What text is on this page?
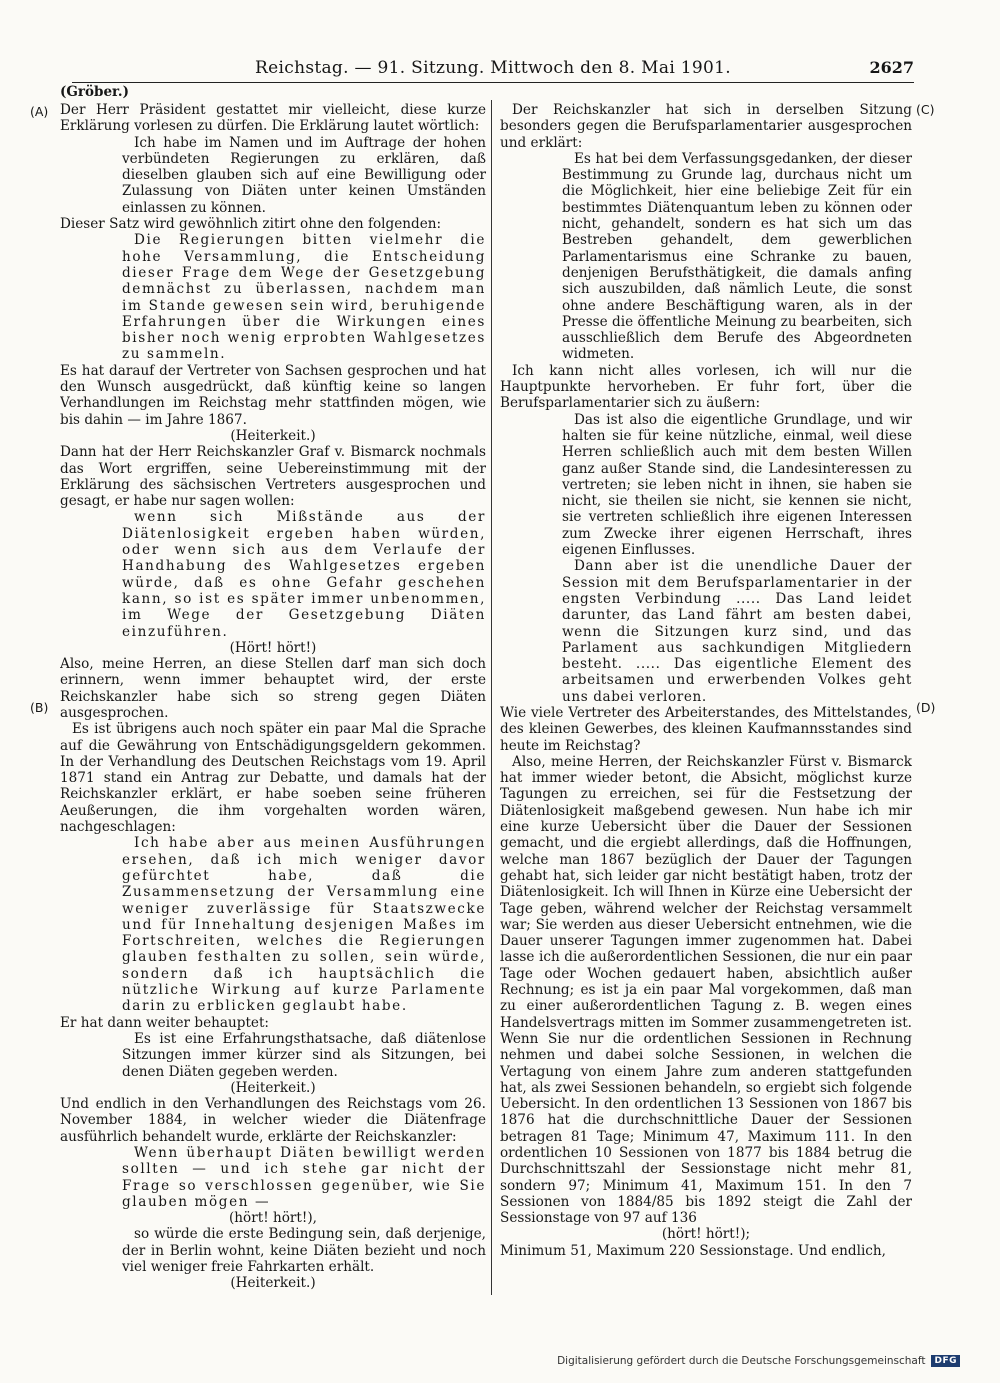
Reichstag. — 91. Sitzung. Mittwoch den 8. Mai 1901.	2627
(Gröber.)
(A)
(B)
(C)
(D)

Der Herr Präsident gestattet mir vielleicht, diese kurze Erklärung vorlesen zu dürfen. Die Erklärung lautet wörtlich:

Ich habe im Namen und im Auftrage der hohen verbündeten Regierungen zu erklären, daß dieselben glauben sich auf eine Bewilligung oder Zulassung von Diäten unter keinen Umständen einlassen zu können.

Dieser Satz wird gewöhnlich zitirt ohne den folgenden:

Die Regierungen bitten vielmehr die hohe Versammlung, die Entscheidung dieser Frage dem Wege der Gesetzgebung demnächst zu überlassen, nachdem man im Stande gewesen sein wird, beruhigende Erfahrungen über die Wirkungen eines bisher noch wenig erprobten Wahlgesetzes zu sammeln.

Es hat darauf der Vertreter von Sachsen gesprochen und hat den Wunsch ausgedrückt, daß künftig keine so langen Verhandlungen im Reichstag mehr stattfinden mögen, wie bis dahin — im Jahre 1867.

(Heiterkeit.)

Dann hat der Herr Reichskanzler Graf v. Bismarck nochmals das Wort ergriffen, seine Uebereinstimmung mit der Erklärung des sächsischen Vertreters ausgesprochen und gesagt, er habe nur sagen wollen:

wenn sich Mißstände aus der Diätenlosigkeit ergeben haben würden, oder wenn sich aus dem Verlaufe der Handhabung des Wahlgesetzes ergeben würde, daß es ohne Gefahr geschehen kann, so ist es später immer unbenommen, im Wege der Gesetzgebung Diäten einzuführen.

(Hört! hört!)

Also, meine Herren, an diese Stellen darf man sich doch erinnern, wenn immer behauptet wird, der erste Reichskanzler habe sich so streng gegen Diäten ausgesprochen.

Es ist übrigens auch noch später ein paar Mal die Sprache auf die Gewährung von Entschädigungsgeldern gekommen. In der Verhandlung des Deutschen Reichstags vom 19. April 1871 stand ein Antrag zur Debatte, und damals hat der Reichskanzler erklärt, er habe soeben seine früheren Aeußerungen, die ihm vorgehalten worden wären, nachgeschlagen:

Ich habe aber aus meinen Ausführungen ersehen, daß ich mich weniger davor gefürchtet habe, daß die Zusammensetzung der Versammlung eine weniger zuverlässige für Staatszwecke und für Innehaltung desjenigen Maßes im Fortschreiten, welches die Regierungen glauben festhalten zu sollen, sein würde, sondern daß ich hauptsächlich die nützliche Wirkung auf kurze Parlamente darin zu erblicken geglaubt habe.

Er hat dann weiter behauptet:

Es ist eine Erfahrungsthatsache, daß diätenlose Sitzungen immer kürzer sind als Sitzungen, bei denen Diäten gegeben werden.

(Heiterkeit.)

Und endlich in den Verhandlungen des Reichstags vom 26. November 1884, in welcher wieder die Diätenfrage ausführlich behandelt wurde, erklärte der Reichskanzler:

Wenn überhaupt Diäten bewilligt werden sollten — und ich stehe gar nicht der Frage so verschlossen gegenüber, wie Sie glauben mögen —

(hört! hört!),

so würde die erste Bedingung sein, daß derjenige, der in Berlin wohnt, keine Diäten bezieht und noch viel weniger freie Fahrkarten erhält.

(Heiterkeit.)

Der Reichskanzler hat sich in derselben Sitzung besonders gegen die Berufsparlamentarier ausgesprochen und erklärt:

Es hat bei dem Verfassungsgedanken, der dieser Bestimmung zu Grunde lag, durchaus nicht um die Möglichkeit, hier eine beliebige Zeit für ein bestimmtes Diätenquantum leben zu können oder nicht, gehandelt, sondern es hat sich um das Bestreben gehandelt, dem gewerblichen Parlamentarismus eine Schranke zu bauen, denjenigen Berufsthätigkeit, die damals anfing sich auszubilden, daß nämlich Leute, die sonst ohne andere Beschäftigung waren, als in der Presse die öffentliche Meinung zu bearbeiten, sich ausschließlich dem Berufe des Abgeordneten widmeten.

Ich kann nicht alles vorlesen, ich will nur die Hauptpunkte hervorheben. Er fuhr fort, über die Berufsparlamentarier sich zu äußern:

Das ist also die eigentliche Grundlage, und wir halten sie für keine nützliche, einmal, weil diese Herren schließlich auch mit dem besten Willen ganz außer Stande sind, die Landesinteressen zu vertreten; sie leben nicht in ihnen, sie haben sie nicht, sie theilen sie nicht, sie kennen sie nicht, sie vertreten schließlich ihre eigenen Interessen zum Zwecke ihrer eigenen Herrschaft, ihres eigenen Einflusses.

Dann aber ist die unendliche Dauer der Session mit dem Berufsparlamentarier in der engsten Verbindung ..... Das Land leidet darunter, das Land fährt am besten dabei, wenn die Sitzungen kurz sind, und das Parlament aus sachkundigen Mitgliedern besteht. ..... Das eigentliche Element des arbeitsamen und erwerbenden Volkes geht uns dabei verloren.

Wie viele Vertreter des Arbeiterstandes, des Mittelstandes, des kleinen Gewerbes, des kleinen Kaufmannsstandes sind heute im Reichstag?

Also, meine Herren, der Reichskanzler Fürst v. Bismarck hat immer wieder betont, die Absicht, möglichst kurze Tagungen zu erreichen, sei für die Festsetzung der Diätenlosigkeit maßgebend gewesen. Nun habe ich mir eine kurze Uebersicht über die Dauer der Sessionen gemacht, und die ergiebt allerdings, daß die Hoffnungen, welche man 1867 bezüglich der Dauer der Tagungen gehabt hat, sich leider gar nicht bestätigt haben, trotz der Diätenlosigkeit. Ich will Ihnen in Kürze eine Uebersicht der Tage geben, während welcher der Reichstag versammelt war; Sie werden aus dieser Uebersicht entnehmen, wie die Dauer unserer Tagungen immer zugenommen hat. Dabei lasse ich die außerordentlichen Sessionen, die nur ein paar Tage oder Wochen gedauert haben, absichtlich außer Rechnung; es ist ja ein paar Mal vorgekommen, daß man zu einer außerordentlichen Tagung z. B. wegen eines Handelsvertrags mitten im Sommer zusammengetreten ist. Wenn Sie nur die ordentlichen Sessionen in Rechnung nehmen und dabei solche Sessionen, in welchen die Vertagung von einem Jahre zum anderen stattgefunden hat, als zwei Sessionen behandeln, so ergiebt sich folgende Uebersicht. In den ordentlichen 13 Sessionen von 1867 bis 1876 hat die durchschnittliche Dauer der Sessionen betragen 81 Tage; Minimum 47, Maximum 111. In den ordentlichen 10 Sessionen von 1877 bis 1884 betrug die Durchschnittszahl der Sessionstage nicht mehr 81, sondern 97; Minimum 41, Maximum 151. In den 7 Sessionen von 1884/85 bis 1892 steigt die Zahl der Sessionstage von 97 auf 136

(hört! hört!);

Minimum 51, Maximum 220 Sessionstage. Und endlich,

Digitalisierung gefördert durch die Deutsche Forschungsgemeinschaft	DFG
